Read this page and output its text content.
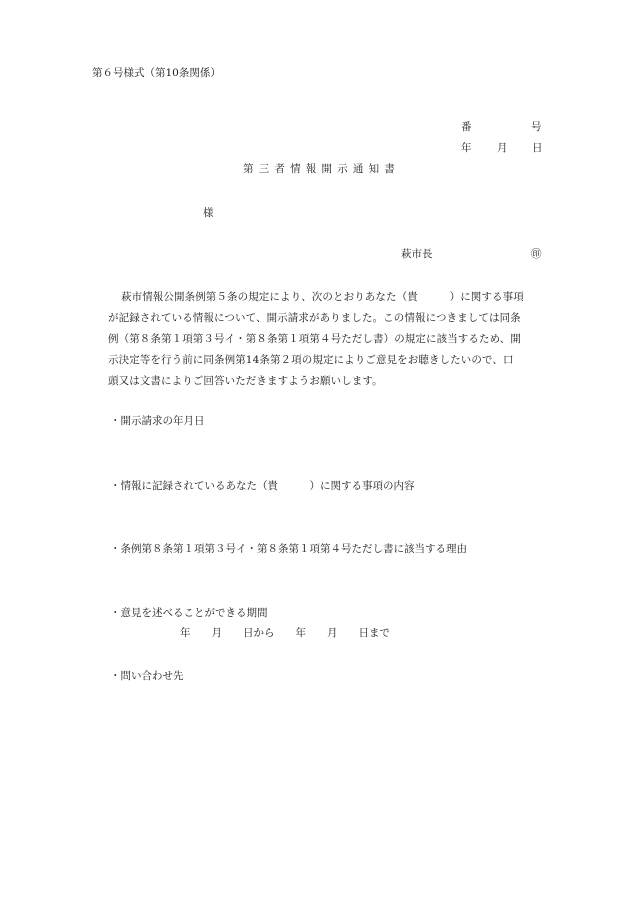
第６号様式（第10条関係）
番	号
年 月 日
第三者情報開示通知書
様
萩市長	㊞
萩市情報公開条例第５条の規定により、次のとおりあなた（貴　　　）に関する事項
が記録されている情報について、開示請求がありました。この情報につきましては同条
例（第８条第１項第３号イ・第８条第１項第４号ただし書）の規定に該当するため、開
示決定等を行う前に同条例第14条第２項の規定によりご意見をお聴きしたいので、口
頭又は文書によりご回答いただきますようお願いします。
・開示請求の年月日
・情報に記録されているあなた（貴　　　）に関する事項の内容
・条例第８条第１項第３号イ・第８条第１項第４号ただし書に該当する理由
・意見を述べることができる期間
年　　月　　日から　　年　　月　　日まで
・問い合わせ先
